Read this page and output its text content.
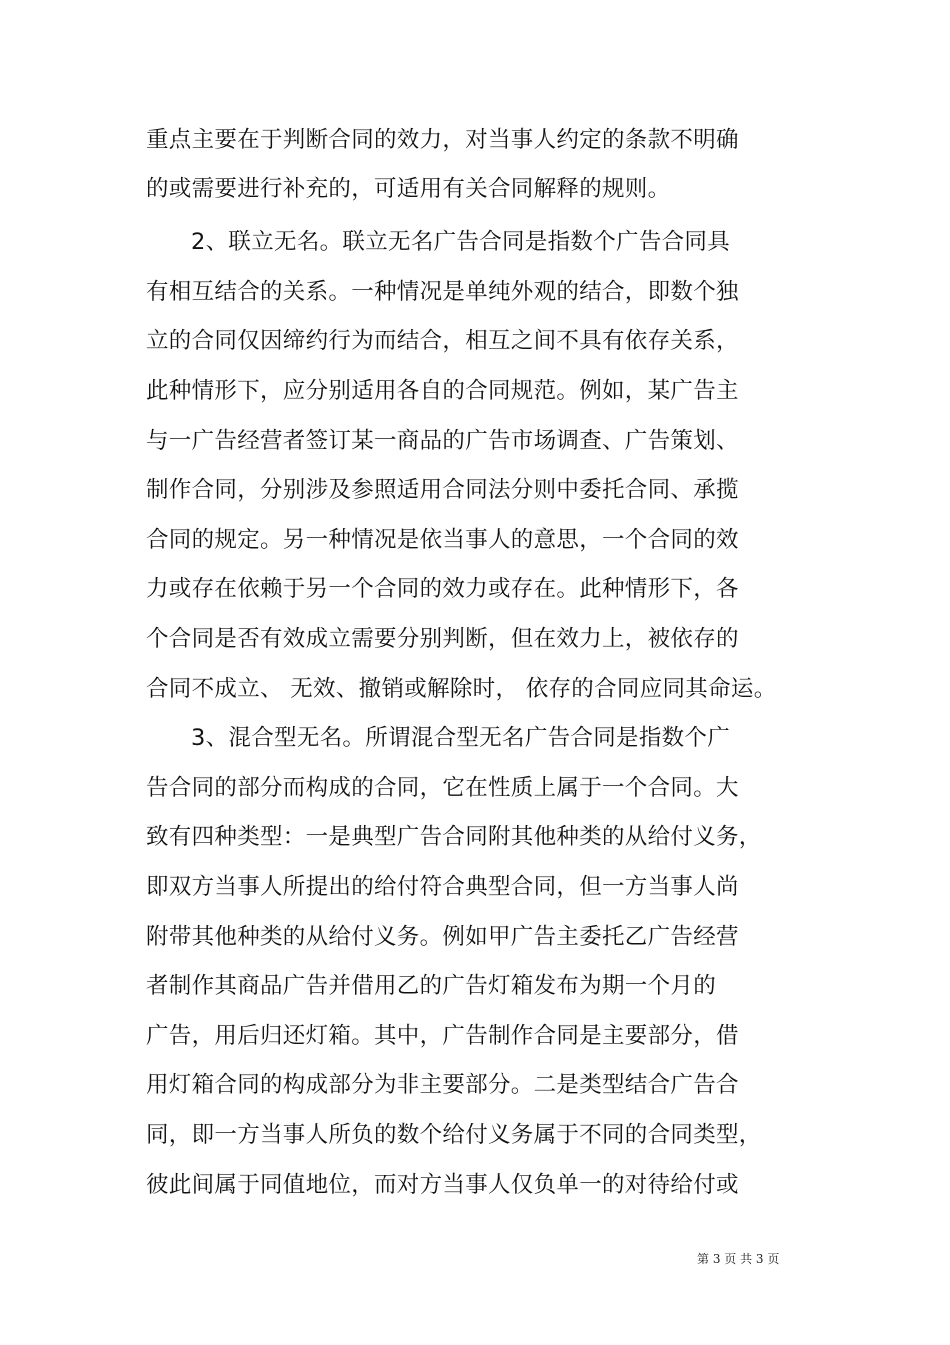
重点主要在于判断合同的效力，对当事人约定的条款不明确
的或需要进行补充的，可适用有关合同解释的规则。
2、联立无名。联立无名广告合同是指数个广告合同具
有相互结合的关系。一种情况是单纯外观的结合，即数个独
立的合同仅因缔约行为而结合，相互之间不具有依存关系，
此种情形下，应分别适用各自的合同规范。例如，某广告主
与一广告经营者签订某一商品的广告市场调查、广告策划、
制作合同，分别涉及参照适用合同法分则中委托合同、承揽
合同的规定。另一种情况是依当事人的意思，一个合同的效
力或存在依赖于另一个合同的效力或存在。此种情形下，各
个合同是否有效成立需要分别判断，但在效力上，被依存的
合同不成立、 无效、撤销或解除时， 依存的合同应同其命运。
3、混合型无名。所谓混合型无名广告合同是指数个广
告合同的部分而构成的合同，它在性质上属于一个合同。大
致有四种类型：一是典型广告合同附其他种类的从给付义务，
即双方当事人所提出的给付符合典型合同，但一方当事人尚
附带其他种类的从给付义务。例如甲广告主委托乙广告经营
者制作其商品广告并借用乙的广告灯箱发布为期一个月的
广告，用后归还灯箱。其中，广告制作合同是主要部分，借
用灯箱合同的构成部分为非主要部分。二是类型结合广告合
同，即一方当事人所负的数个给付义务属于不同的合同类型，
彼此间属于同值地位，而对方当事人仅负单一的对待给付或
第 3 页 共 3 页
